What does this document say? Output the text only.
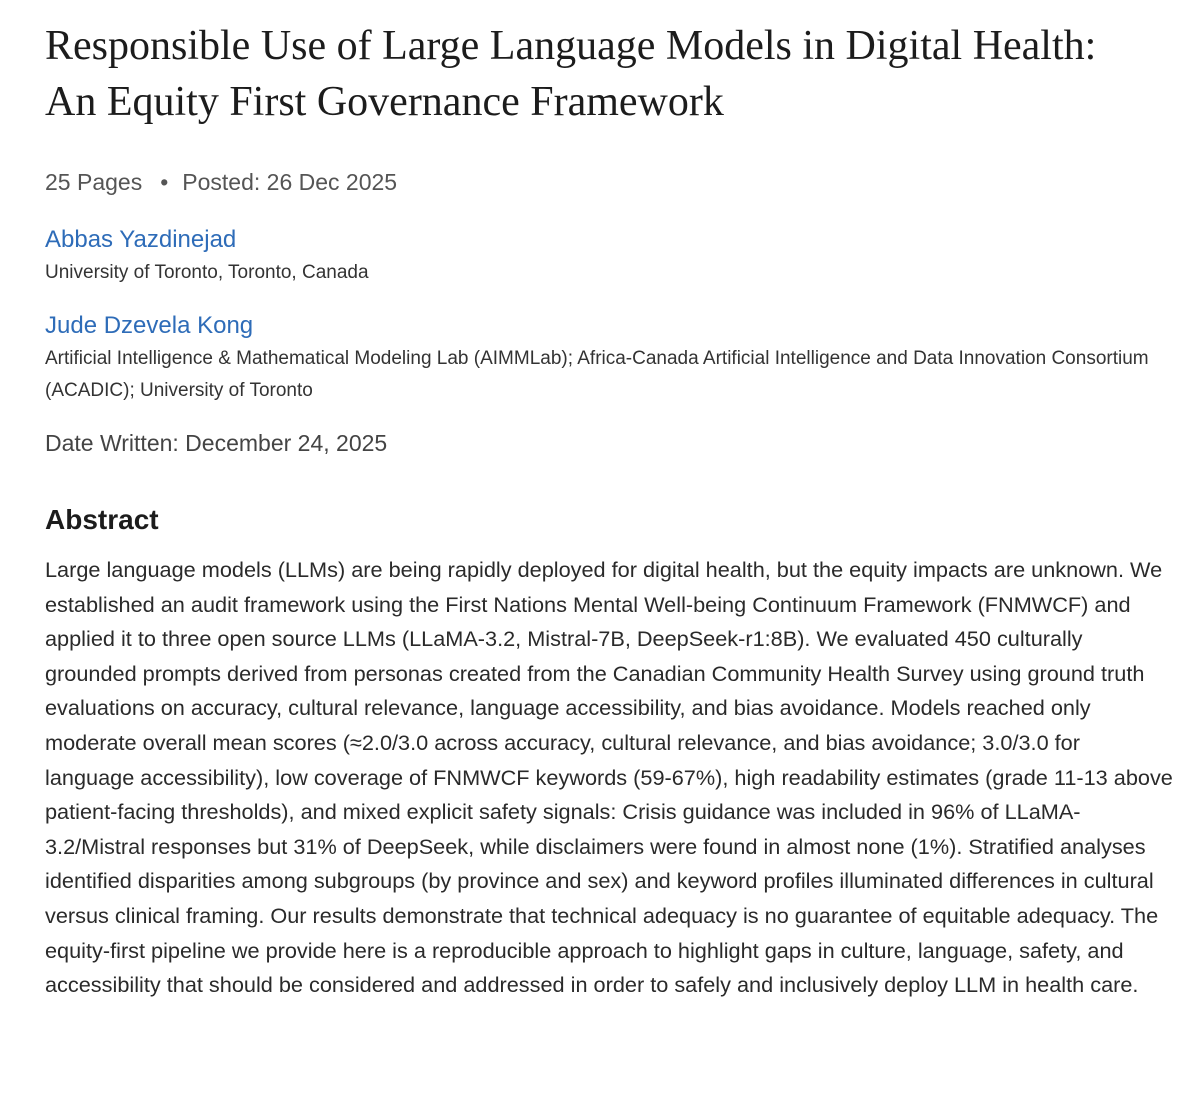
Responsible Use of Large Language Models in Digital Health: An Equity First Governance Framework
25 Pages • Posted: 26 Dec 2025
Abbas Yazdinejad
University of Toronto, Toronto, Canada
Jude Dzevela Kong
Artificial Intelligence & Mathematical Modeling Lab (AIMMLab); Africa-Canada Artificial Intelligence and Data Innovation Consortium (ACADIC); University of Toronto
Date Written: December 24, 2025
Abstract
Large language models (LLMs) are being rapidly deployed for digital health, but the equity impacts are unknown. We established an audit framework using the First Nations Mental Well-being Continuum Framework (FNMWCF) and applied it to three open source LLMs (LLaMA-3.2, Mistral-7B, DeepSeek-r1:8B). We evaluated 450 culturally grounded prompts derived from personas created from the Canadian Community Health Survey using ground truth evaluations on accuracy, cultural relevance, language accessibility, and bias avoidance. Models reached only moderate overall mean scores (≈2.0/3.0 across accuracy, cultural relevance, and bias avoidance; 3.0/3.0 for language accessibility), low coverage of FNMWCF keywords (59-67%), high readability estimates (grade 11-13 above patient-facing thresholds), and mixed explicit safety signals: Crisis guidance was included in 96% of LLaMA-3.2/Mistral responses but 31% of DeepSeek, while disclaimers were found in almost none (1%). Stratified analyses identified disparities among subgroups (by province and sex) and keyword profiles illuminated differences in cultural versus clinical framing. Our results demonstrate that technical adequacy is no guarantee of equitable adequacy. The equity-first pipeline we provide here is a reproducible approach to highlight gaps in culture, language, safety, and accessibility that should be considered and addressed in order to safely and inclusively deploy LLM in health care.
